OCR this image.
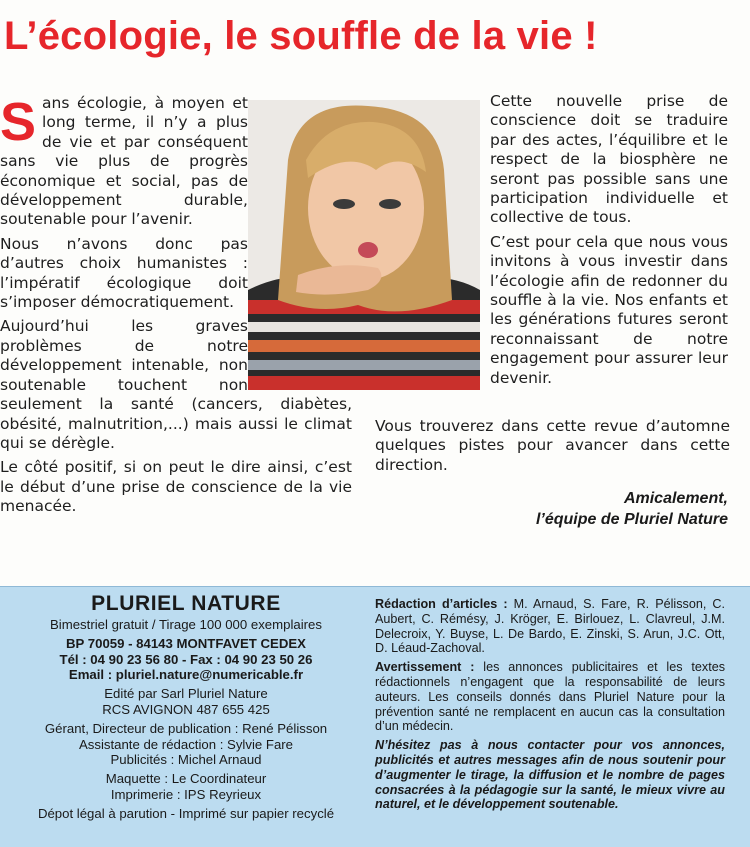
L’écologie, le souffle de la vie !

Sans écologie, à moyen et long terme, il n’y a plus de vie et par conséquent sans vie plus de progrès économique et social, pas de développement durable, soutenable pour l’avenir.

Nous n’avons donc pas d’autres choix humanistes : l’impératif écologique doit s’imposer démocratiquement.

Aujourd’hui les graves problèmes de notre développement intenable, non soutenable touchent non seulement la santé (cancers, diabètes, obésité, malnutrition,...) mais aussi le climat qui se dérègle.

Le côté positif, si on peut le dire ainsi, c’est le début d’une prise de conscience de la vie menacée.

Cette nouvelle prise de conscience doit se traduire par des actes, l’équilibre et le respect de la biosphère ne seront pas possible sans une participation individuelle et collective de tous.

C’est pour cela que nous vous invitons à vous investir dans l’écologie afin de redonner du souffle à la vie. Nos enfants et les générations futures seront reconnaissant de notre engagement pour assurer leur devenir.

Vous trouverez dans cette revue d’automne quelques pistes pour avancer dans cette direction.

Amicalement,
l’équipe de Pluriel Nature
PLURIEL NATURE
Bimestriel gratuit / Tirage 100 000 exemplaires
BP 70059 - 84143 MONTFAVET CEDEX
Tél : 04 90 23 56 80 - Fax : 04 90 23 50 26
Email : pluriel.nature@numericable.fr
Edité par Sarl Pluriel Nature
RCS AVIGNON 487 655 425
Gérant, Directeur de publication : René Pélisson
Assistante de rédaction : Sylvie Fare
Publicités : Michel Arnaud
Maquette : Le Coordinateur
Imprimerie : IPS Reyrieux
Dépot légal à parution - Imprimé sur papier recyclé

Rédaction d’articles : M. Arnaud, S. Fare, R. Pélisson, C. Aubert, C. Rémésy, J. Kröger, E. Birlouez, L. Clavreul, J.M. Delecroix, Y. Buyse, L. De Bardo, E. Zinski, S. Arun, J.C. Ott, D. Léaud-Zachoval.

Avertissement : les annonces publicitaires et les textes rédactionnels n’engagent que la responsabilité de leurs auteurs. Les conseils donnés dans Pluriel Nature pour la prévention santé ne remplacent en aucun cas la consultation d’un médecin.

N’hésitez pas à nous contacter pour vos annonces, publicités et autres messages afin de nous soutenir pour d’augmenter le tirage, la diffusion et le nombre de pages consacrées à la pédagogie sur la santé, le mieux vivre au naturel, et le développement soutenable.
